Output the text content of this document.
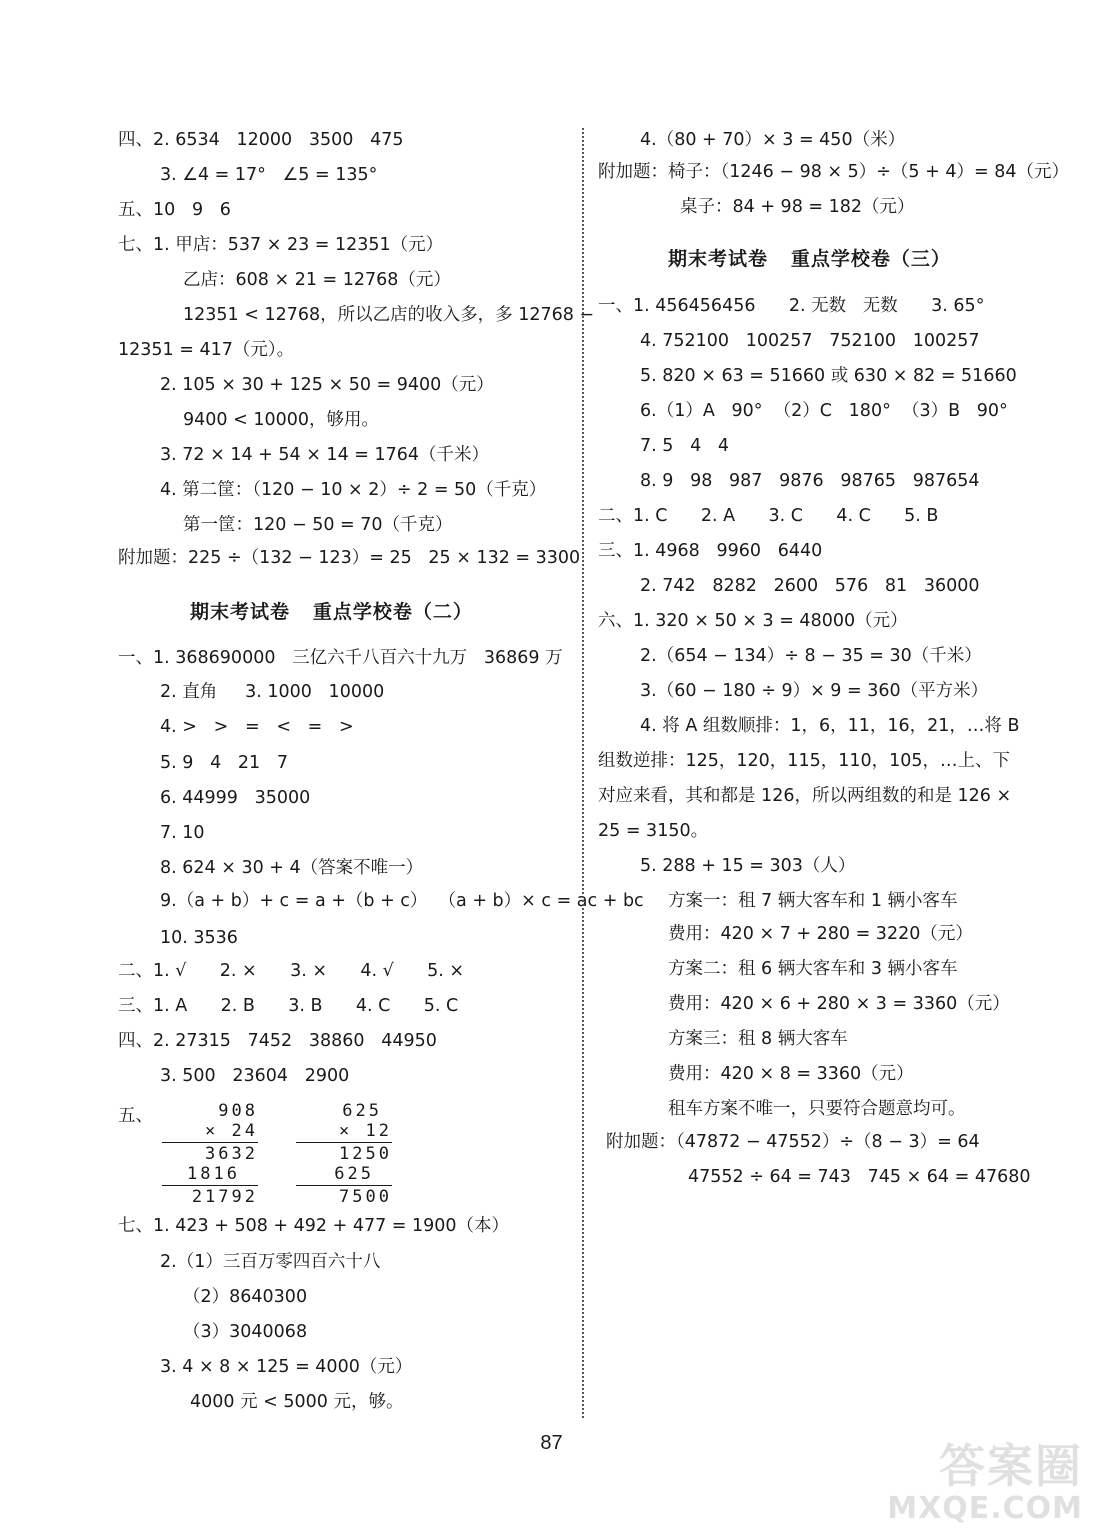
四、2. 6534   12000   3500   475
3. ∠4 = 17°   ∠5 = 135°
五、10   9   6
七、1. 甲店：537 × 23 = 12351（元）
乙店：608 × 21 = 12768（元）
12351 < 12768，所以乙店的收入多，多 12768 −
12351 = 417（元）。
2. 105 × 30 + 125 × 50 = 9400（元）
9400 < 10000，够用。
3. 72 × 14 + 54 × 14 = 1764（千米）
4. 第二筐：（120 − 10 × 2）÷ 2 = 50（千克）
第一筐：120 − 50 = 70（千克）
附加题：225 ÷（132 − 123）= 25   25 × 132 = 3300
期末考试卷   重点学校卷（二）
一、1. 368690000   三亿六千八百六十九万   36869 万
2. 直角     3. 1000   10000
4. >   >   =   <   =   >
5. 9   4   21   7
6. 44999   35000
7. 10
8. 624 × 30 + 4（答案不唯一）
9.（a + b）+ c = a +（b + c）  （a + b）× c = ac + bc
10. 3536
二、1. √      2. ×      3. ×      4. √      5. ×
三、1. A      2. B      3. B      4. C      5. C
四、2. 27315   7452   38860   44950
3. 500   23604   2900
五、	908
× 24
3632
1816
21792
625
× 12
1250
625
7500
七、1. 423 + 508 + 492 + 477 = 1900（本）
2.（1）三百万零四百六十八
（2）8640300
（3）3040068
3. 4 × 8 × 125 = 4000（元）
4000 元 < 5000 元，够。
4.（80 + 70）× 3 = 450（米）
附加题：椅子：（1246 − 98 × 5）÷（5 + 4）= 84（元）
桌子：84 + 98 = 182（元）
期末考试卷   重点学校卷（三）
一、1. 456456456      2. 无数   无数      3. 65°
4. 752100   100257   752100   100257
5. 820 × 63 = 51660 或 630 × 82 = 51660
6.（1）A   90°  （2）C   180°  （3）B   90°
7. 5   4   4
8. 9   98   987   9876   98765   987654
二、1. C      2. A      3. C      4. C      5. B
三、1. 4968   9960   6440
2. 742   8282   2600   576   81   36000
六、1. 320 × 50 × 3 = 48000（元）
2.（654 − 134）÷ 8 − 35 = 30（千米）
3.（60 − 180 ÷ 9）× 9 = 360（平方米）
4. 将 A 组数顺排：1，6，11，16，21，…将 B
组数逆排：125，120，115，110，105，…上、下
对应来看，其和都是 126，所以两组数的和是 126 ×
25 = 3150。
5. 288 + 15 = 303（人）
方案一：租 7 辆大客车和 1 辆小客车
费用：420 × 7 + 280 = 3220（元）
方案二：租 6 辆大客车和 3 辆小客车
费用：420 × 6 + 280 × 3 = 3360（元）
方案三：租 8 辆大客车
费用：420 × 8 = 3360（元）
租车方案不唯一，只要符合题意均可。
附加题：（47872 − 47552）÷（8 − 3）= 64
47552 ÷ 64 = 743   745 × 64 = 47680
87	答案圈
MXQE.COM
